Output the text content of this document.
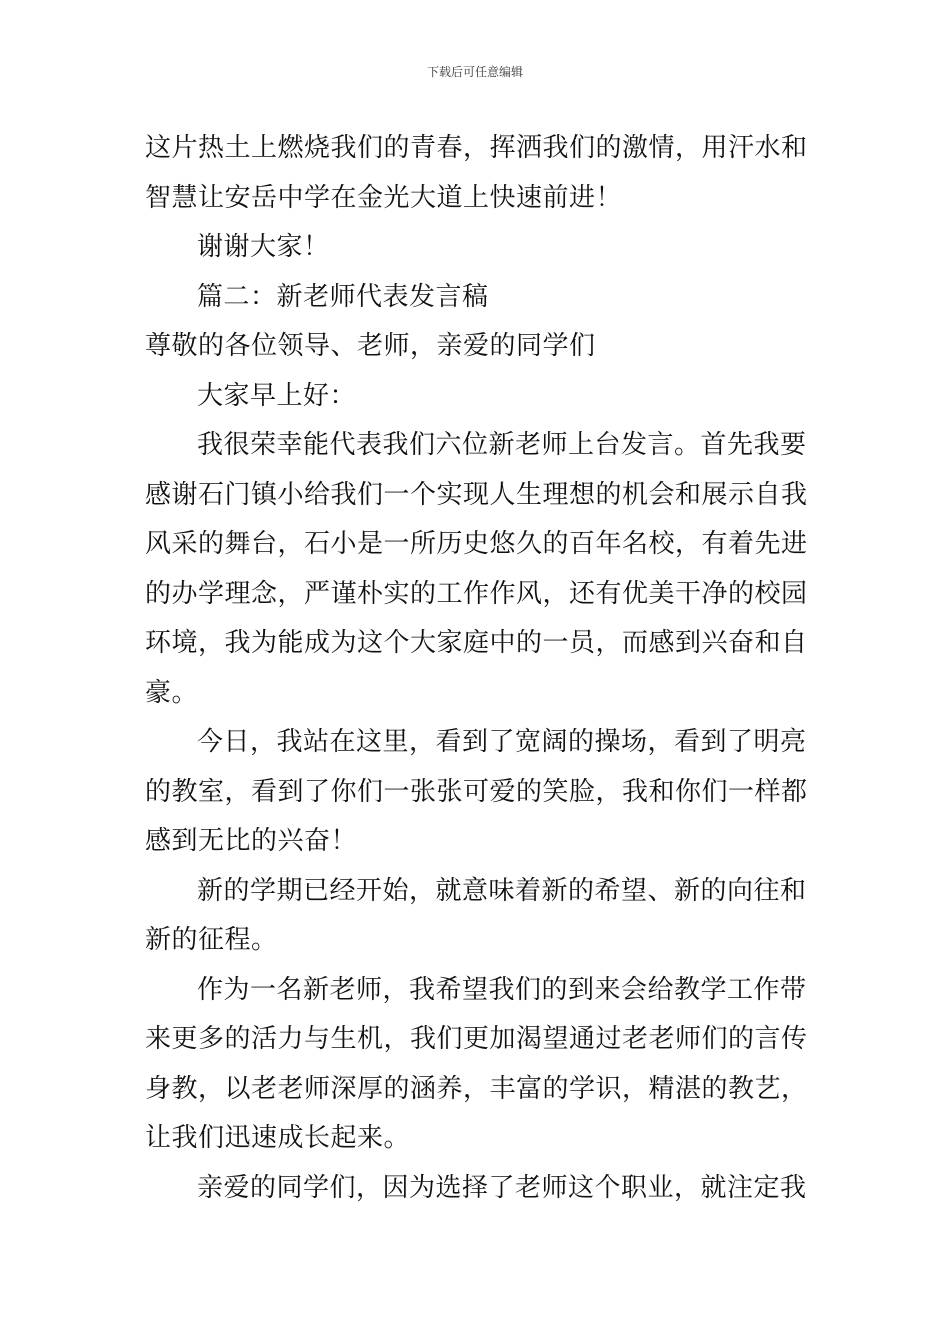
下载后可任意编辑

这片热土上燃烧我们的青春，挥洒我们的激情，用汗水和智慧让安岳中学在金光大道上快速前进！

谢谢大家！

篇二：新老师代表发言稿

尊敬的各位领导、老师，亲爱的同学们

大家早上好：

我很荣幸能代表我们六位新老师上台发言。首先我要感谢石门镇小给我们一个实现人生理想的机会和展示自我风采的舞台，石小是一所历史悠久的百年名校，有着先进的办学理念，严谨朴实的工作作风，还有优美干净的校园环境，我为能成为这个大家庭中的一员，而感到兴奋和自豪。

今日，我站在这里，看到了宽阔的操场，看到了明亮的教室，看到了你们一张张可爱的笑脸，我和你们一样都感到无比的兴奋！

新的学期已经开始，就意味着新的希望、新的向往和新的征程。

作为一名新老师，我希望我们的到来会给教学工作带来更多的活力与生机，我们更加渴望通过老老师们的言传身教，以老老师深厚的涵养，丰富的学识，精湛的教艺，让我们迅速成长起来。

亲爱的同学们，因为选择了老师这个职业，就注定我
